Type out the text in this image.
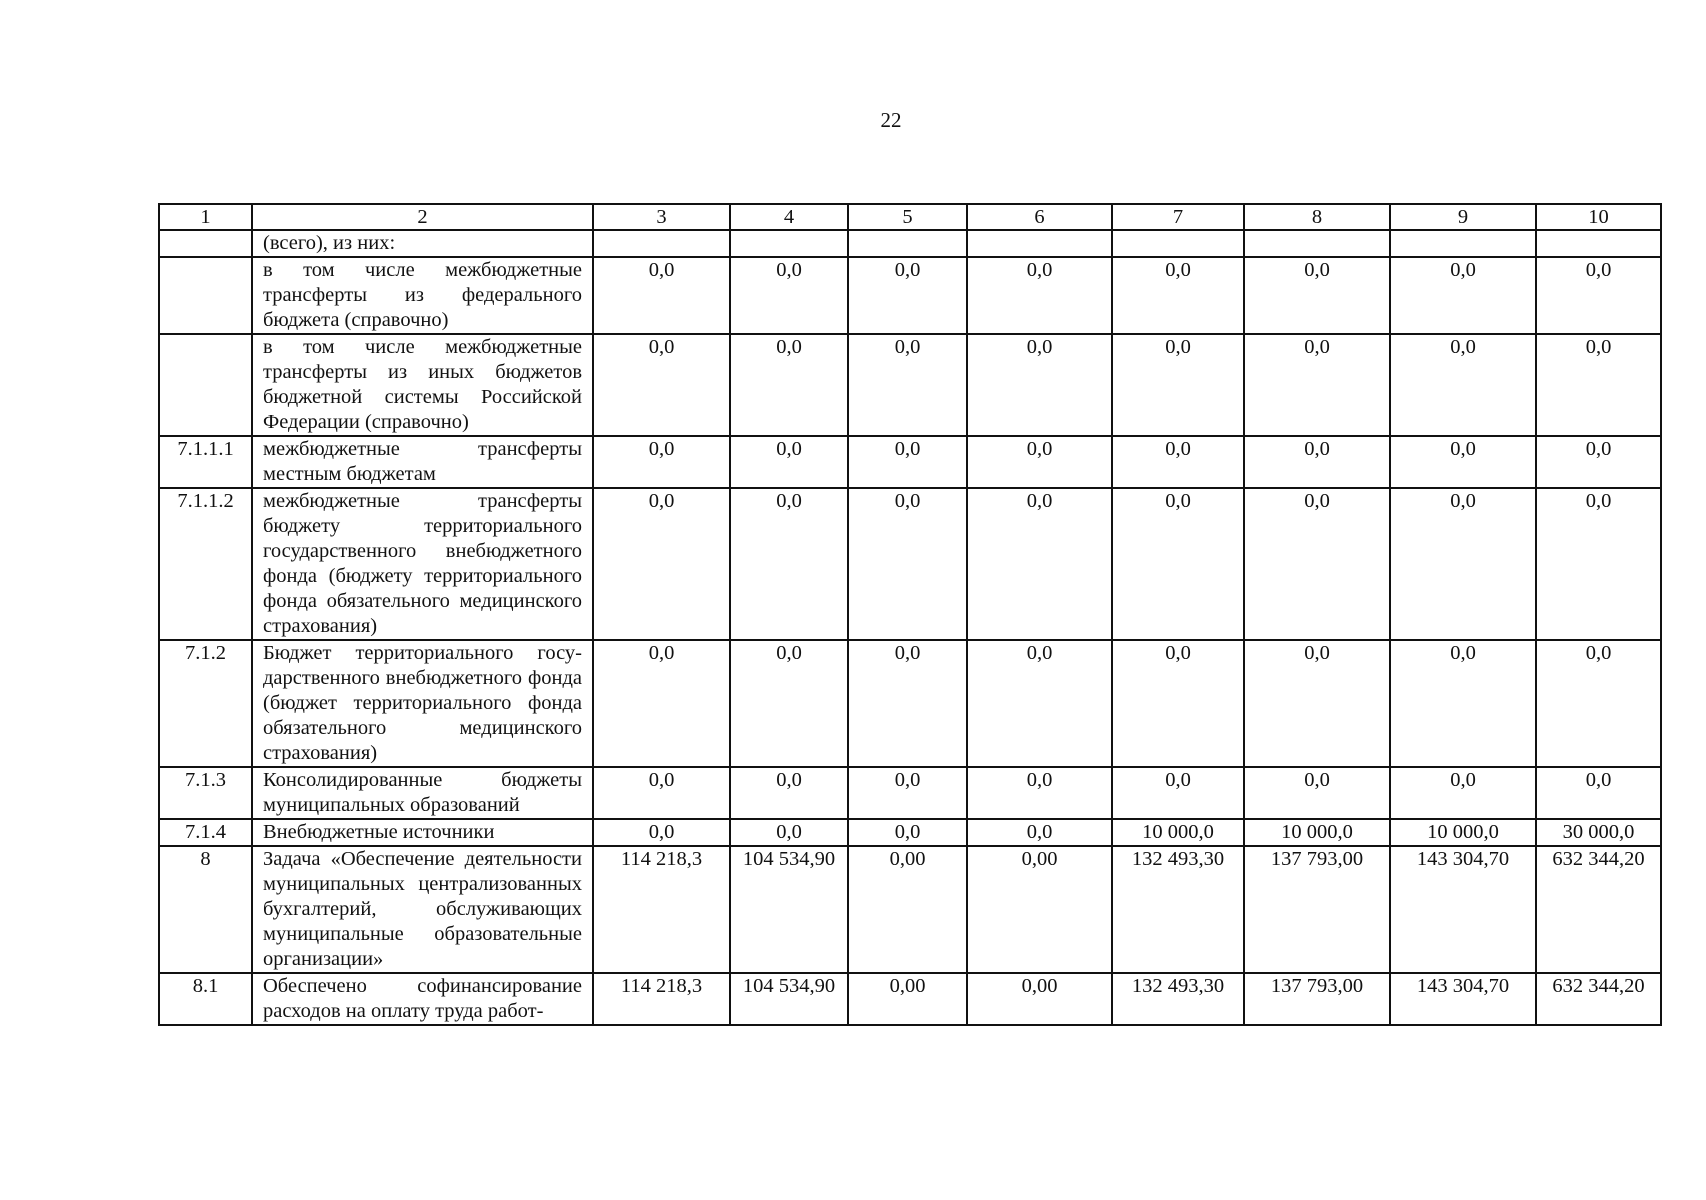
22
1	2	3	4	5	6	7	8	9	10
	(всего), из них:								
	в том числе межбюджетные трансферты из федерального бюджета (справочно)	0,0	0,0	0,0	0,0	0,0	0,0	0,0	0,0
	в том числе межбюджетные трансферты из иных бюджетов бюджетной системы Российской Федерации (справочно)	0,0	0,0	0,0	0,0	0,0	0,0	0,0	0,0
7.1.1.1	межбюджетные трансферты местным бюджетам	0,0	0,0	0,0	0,0	0,0	0,0	0,0	0,0
7.1.1.2	межбюджетные трансферты бюджету территориального государственного внебюджетного фонда (бюджету территориального фонда обязательного медицинского страхования)	0,0	0,0	0,0	0,0	0,0	0,0	0,0	0,0
7.1.2	Бюджет территориального государственного внебюджетного фонда (бюджет территориального фонда обязательного медицинского страхования)	0,0	0,0	0,0	0,0	0,0	0,0	0,0	0,0
7.1.3	Консолидированные бюджеты муниципальных образований	0,0	0,0	0,0	0,0	0,0	0,0	0,0	0,0
7.1.4	Внебюджетные источники	0,0	0,0	0,0	0,0	10 000,0	10 000,0	10 000,0	30 000,0
8	Задача «Обеспечение деятельности муниципальных централизованных бухгалтерий, обслуживающих муниципальные образовательные организации»	114 218,3	104 534,90	0,00	0,00	132 493,30	137 793,00	143 304,70	632 344,20
8.1	Обеспечено софинансирование расходов на оплату труда работ-	114 218,3	104 534,90	0,00	0,00	132 493,30	137 793,00	143 304,70	632 344,20
